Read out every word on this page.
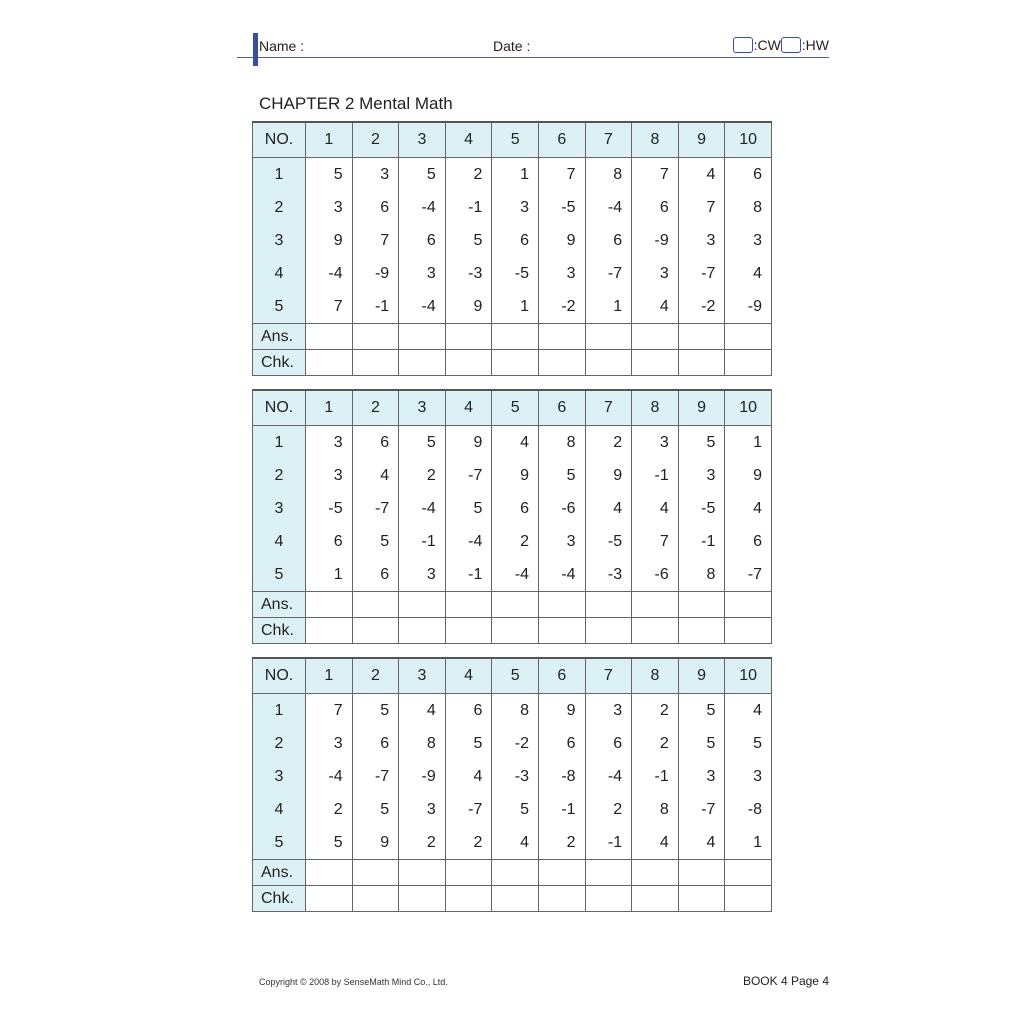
Name :	Date :	:CW :HW
CHAPTER 2 Mental Math
NO.	1	2	3	4	5	6	7	8	9	10
1	5	3	5	2	1	7	8	7	4	6
2	3	6	-4	-1	3	-5	-4	6	7	8
3	9	7	6	5	6	9	6	-9	3	3
4	-4	-9	3	-3	-5	3	-7	3	-7	4
5	7	-1	-4	9	1	-2	1	4	-2	-9
Ans.										
Chk.										
NO.	1	2	3	4	5	6	7	8	9	10
1	3	6	5	9	4	8	2	3	5	1
2	3	4	2	-7	9	5	9	-1	3	9
3	-5	-7	-4	5	6	-6	4	4	-5	4
4	6	5	-1	-4	2	3	-5	7	-1	6
5	1	6	3	-1	-4	-4	-3	-6	8	-7
Ans.										
Chk.										
NO.	1	2	3	4	5	6	7	8	9	10
1	7	5	4	6	8	9	3	2	5	4
2	3	6	8	5	-2	6	6	2	5	5
3	-4	-7	-9	4	-3	-8	-4	-1	3	3
4	2	5	3	-7	5	-1	2	8	-7	-8
5	5	9	2	2	4	2	-1	4	4	1
Ans.										
Chk.										
Copyright © 2008 by SenseMath Mind Co., Ltd.	BOOK 4 Page 4
